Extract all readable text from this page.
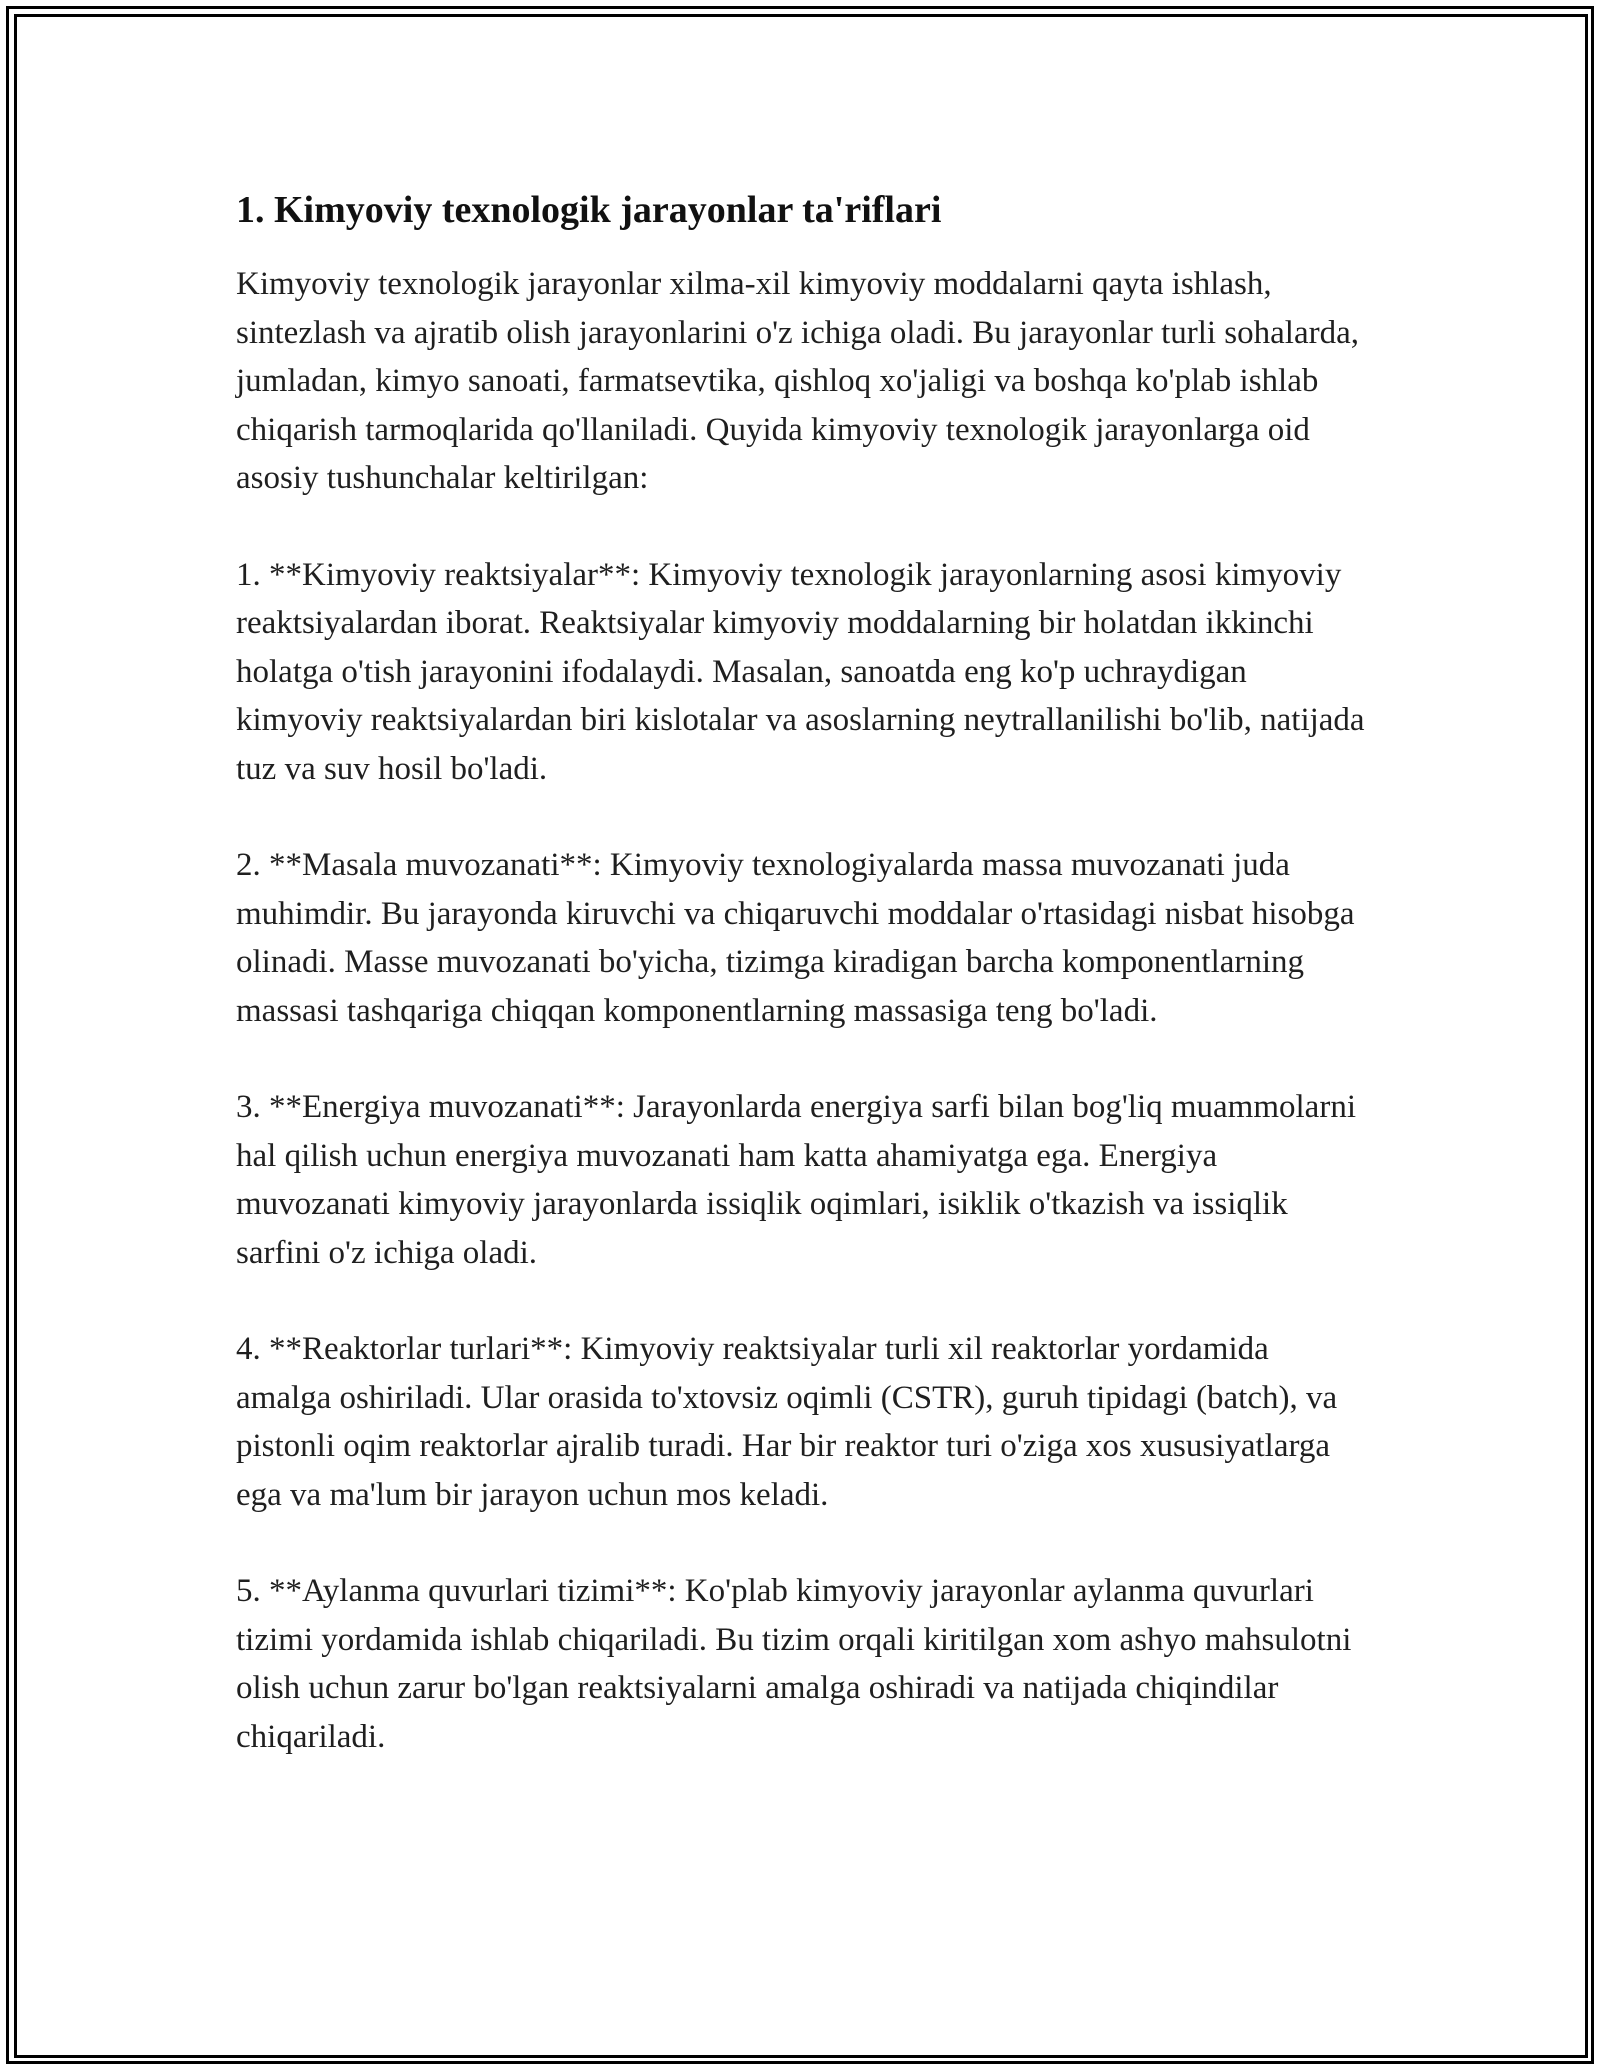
1. Kimyoviy texnologik jarayonlar ta'riflari

Kimyoviy texnologik jarayonlar xilma-xil kimyoviy moddalarni qayta ishlash, sintezlash va ajratib olish jarayonlarini o'z ichiga oladi. Bu jarayonlar turli sohalarda, jumladan, kimyo sanoati, farmatsevtika, qishloq xo'jaligi va boshqa ko'plab ishlab chiqarish tarmoqlarida qo'llaniladi. Quyida kimyoviy texnologik jarayonlarga oid asosiy tushunchalar keltirilgan:

1. **Kimyoviy reaktsiyalar**: Kimyoviy texnologik jarayonlarning asosi kimyoviy reaktsiyalardan iborat. Reaktsiyalar kimyoviy moddalarning bir holatdan ikkinchi holatga o'tish jarayonini ifodalaydi. Masalan, sanoatda eng ko'p uchraydigan kimyoviy reaktsiyalardan biri kislotalar va asoslarning neytrallanilishi bo'lib, natijada tuz va suv hosil bo'ladi.

2. **Masala muvozanati**: Kimyoviy texnologiyalarda massa muvozanati juda muhimdir. Bu jarayonda kiruvchi va chiqaruvchi moddalar o'rtasidagi nisbat hisobga olinadi. Masse muvozanati bo'yicha, tizimga kiradigan barcha komponentlarning massasi tashqariga chiqqan komponentlarning massasiga teng bo'ladi.

3. **Energiya muvozanati**: Jarayonlarda energiya sarfi bilan bog'liq muammolarni hal qilish uchun energiya muvozanati ham katta ahamiyatga ega. Energiya muvozanati kimyoviy jarayonlarda issiqlik oqimlari, isiklik o'tkazish va issiqlik sarfini o'z ichiga oladi.

4. **Reaktorlar turlari**: Kimyoviy reaktsiyalar turli xil reaktorlar yordamida amalga oshiriladi. Ular orasida to'xtovsiz oqimli (CSTR), guruh tipidagi (batch), va pistonli oqim reaktorlar ajralib turadi. Har bir reaktor turi o'ziga xos xususiyatlarga ega va ma'lum bir jarayon uchun mos keladi.

5. **Aylanma quvurlari tizimi**: Ko'plab kimyoviy jarayonlar aylanma quvurlari tizimi yordamida ishlab chiqariladi. Bu tizim orqali kiritilgan xom ashyo mahsulotni olish uchun zarur bo'lgan reaktsiyalarni amalga oshiradi va natijada chiqindilar chiqariladi.
